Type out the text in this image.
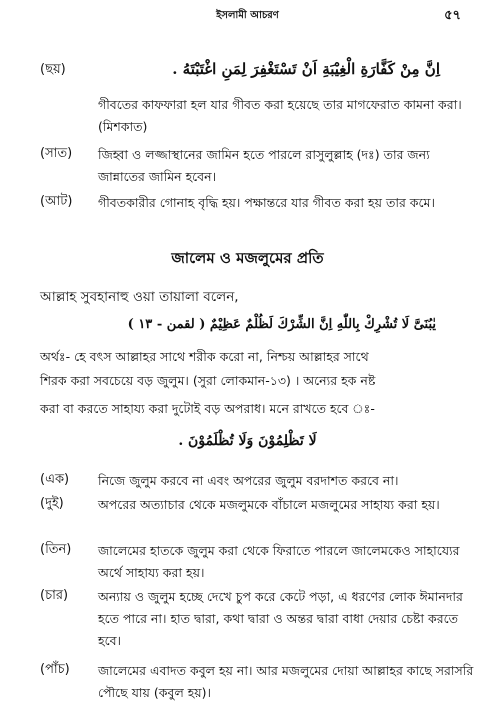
ইসলামী আচরণ	৫৭
(ছয়)	اِنَّ مِنْ كَفَّارَةِ الْغِيْبَةِ اَنْ تَسْتَغْفِرَ لِمَنِ اغْتَبْتَهُ .
গীবতের কাফফারা হল যার গীবত করা হয়েছে তার মাগফেরাত কামনা করা। (মিশকাত)
(সাত)	জিহ্বা ও লজ্জাস্থানের জামিন হতে পারলে রাসুলুল্লাহ (দঃ) তার জন্য জান্নাতের জামিন হবেন।
(আট)	গীবতকারীর গোনাহ বৃদ্ধি হয়। পক্ষান্তরে যার গীবত করা হয় তার কমে।
জালেম ও মজলুমের প্রতি
আল্লাহ সুবহানাহু ওয়া তায়ালা বলেন,
يٰبُنَىَّ لَا تُشْرِكْ بِاللّٰهِ اِنَّ الشِّرْكَ لَظُلْمٌ عَظِيْمٌ ( لقمن - ١٣ )
অর্থঃ- হে বৎস আল্লাহর সাথে শরীক করো না, নিশ্চয় আল্লাহর সাথে
শিরক করা সবচেয়ে বড় জুলুম। (সুরা লোকমান-১৩) । অন্যের হক নষ্ট
করা বা করতে সাহায্য করা দুটোই বড় অপরাধ। মনে রাখতে হবে ঃ-
لَا تَظْلِمُوْنَ وَلَا تُظْلَمُوْنَ .
(এক)	নিজে জুলুম করবে না এবং অপরের জুলুম বরদাশত করবে না।
(দুই)	অপরের অত্যাচার থেকে মজলুমকে বাঁচালে মজলুমের সাহায্য করা হয়।
(তিন)	জালেমের হাতকে জুলুম করা থেকে ফিরাতে পারলে জালেমকেও সাহায্যের অর্থে সাহায্য করা হয়।
(চার)	অন্যায় ও জুলুম হচ্ছে দেখে চুপ করে কেটে পড়া, এ ধরণের লোক ঈমানদার হতে পারে না। হাত দ্বারা, কথা দ্বারা ও অন্তর দ্বারা বাধা দেয়ার চেষ্টা করতে হবে।
(পাঁচ)	জালেমের এবাদত কবুল হয় না। আর মজলুমের দোয়া আল্লাহর কাছে সরাসরি পৌছে যায় (কবুল হয়)।
